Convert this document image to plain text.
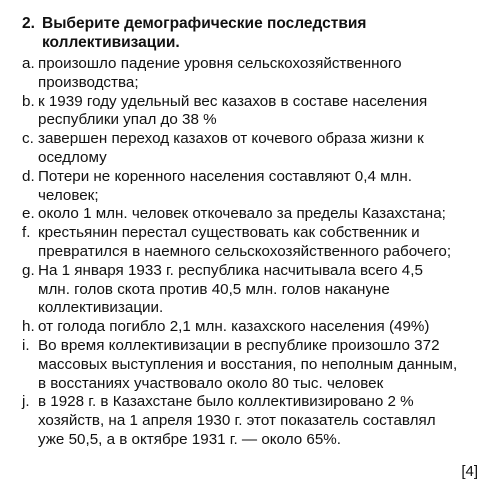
2. Выберите демографические последствия
коллективизации.
a. произошло падение уровня сельскохозяйственного
производства;
b. к 1939 году удельный вес казахов в составе населения
республики упал до 38 %
c. завершен переход казахов от кочевого образа жизни к
оседлому
d. Потери не коренного населения составляют 0,4 млн.
человек;
e. около 1 млн. человек откочевало за пределы Казахстана;
f. крестьянин перестал существовать как собственник и
превратился в наемного сельскохозяйственного рабочего;
g. На 1 января 1933 г. республика насчитывала всего 4,5
млн. голов скота против 40,5 млн. голов накануне
коллективизации.
h. от голода погибло 2,1 млн. казахского населения (49%)
i. Во время коллективизации в республике произошло 372
массовых выступления и восстания, по неполным данным,
в восстаниях участвовало около 80 тыс. человек
j. в 1928 г. в Казахстане было коллективизировано 2 %
хозяйств, на 1 апреля 1930 г. этот показатель составлял
уже 50,5, а в октябре 1931 г. — около 65%.
[4]
